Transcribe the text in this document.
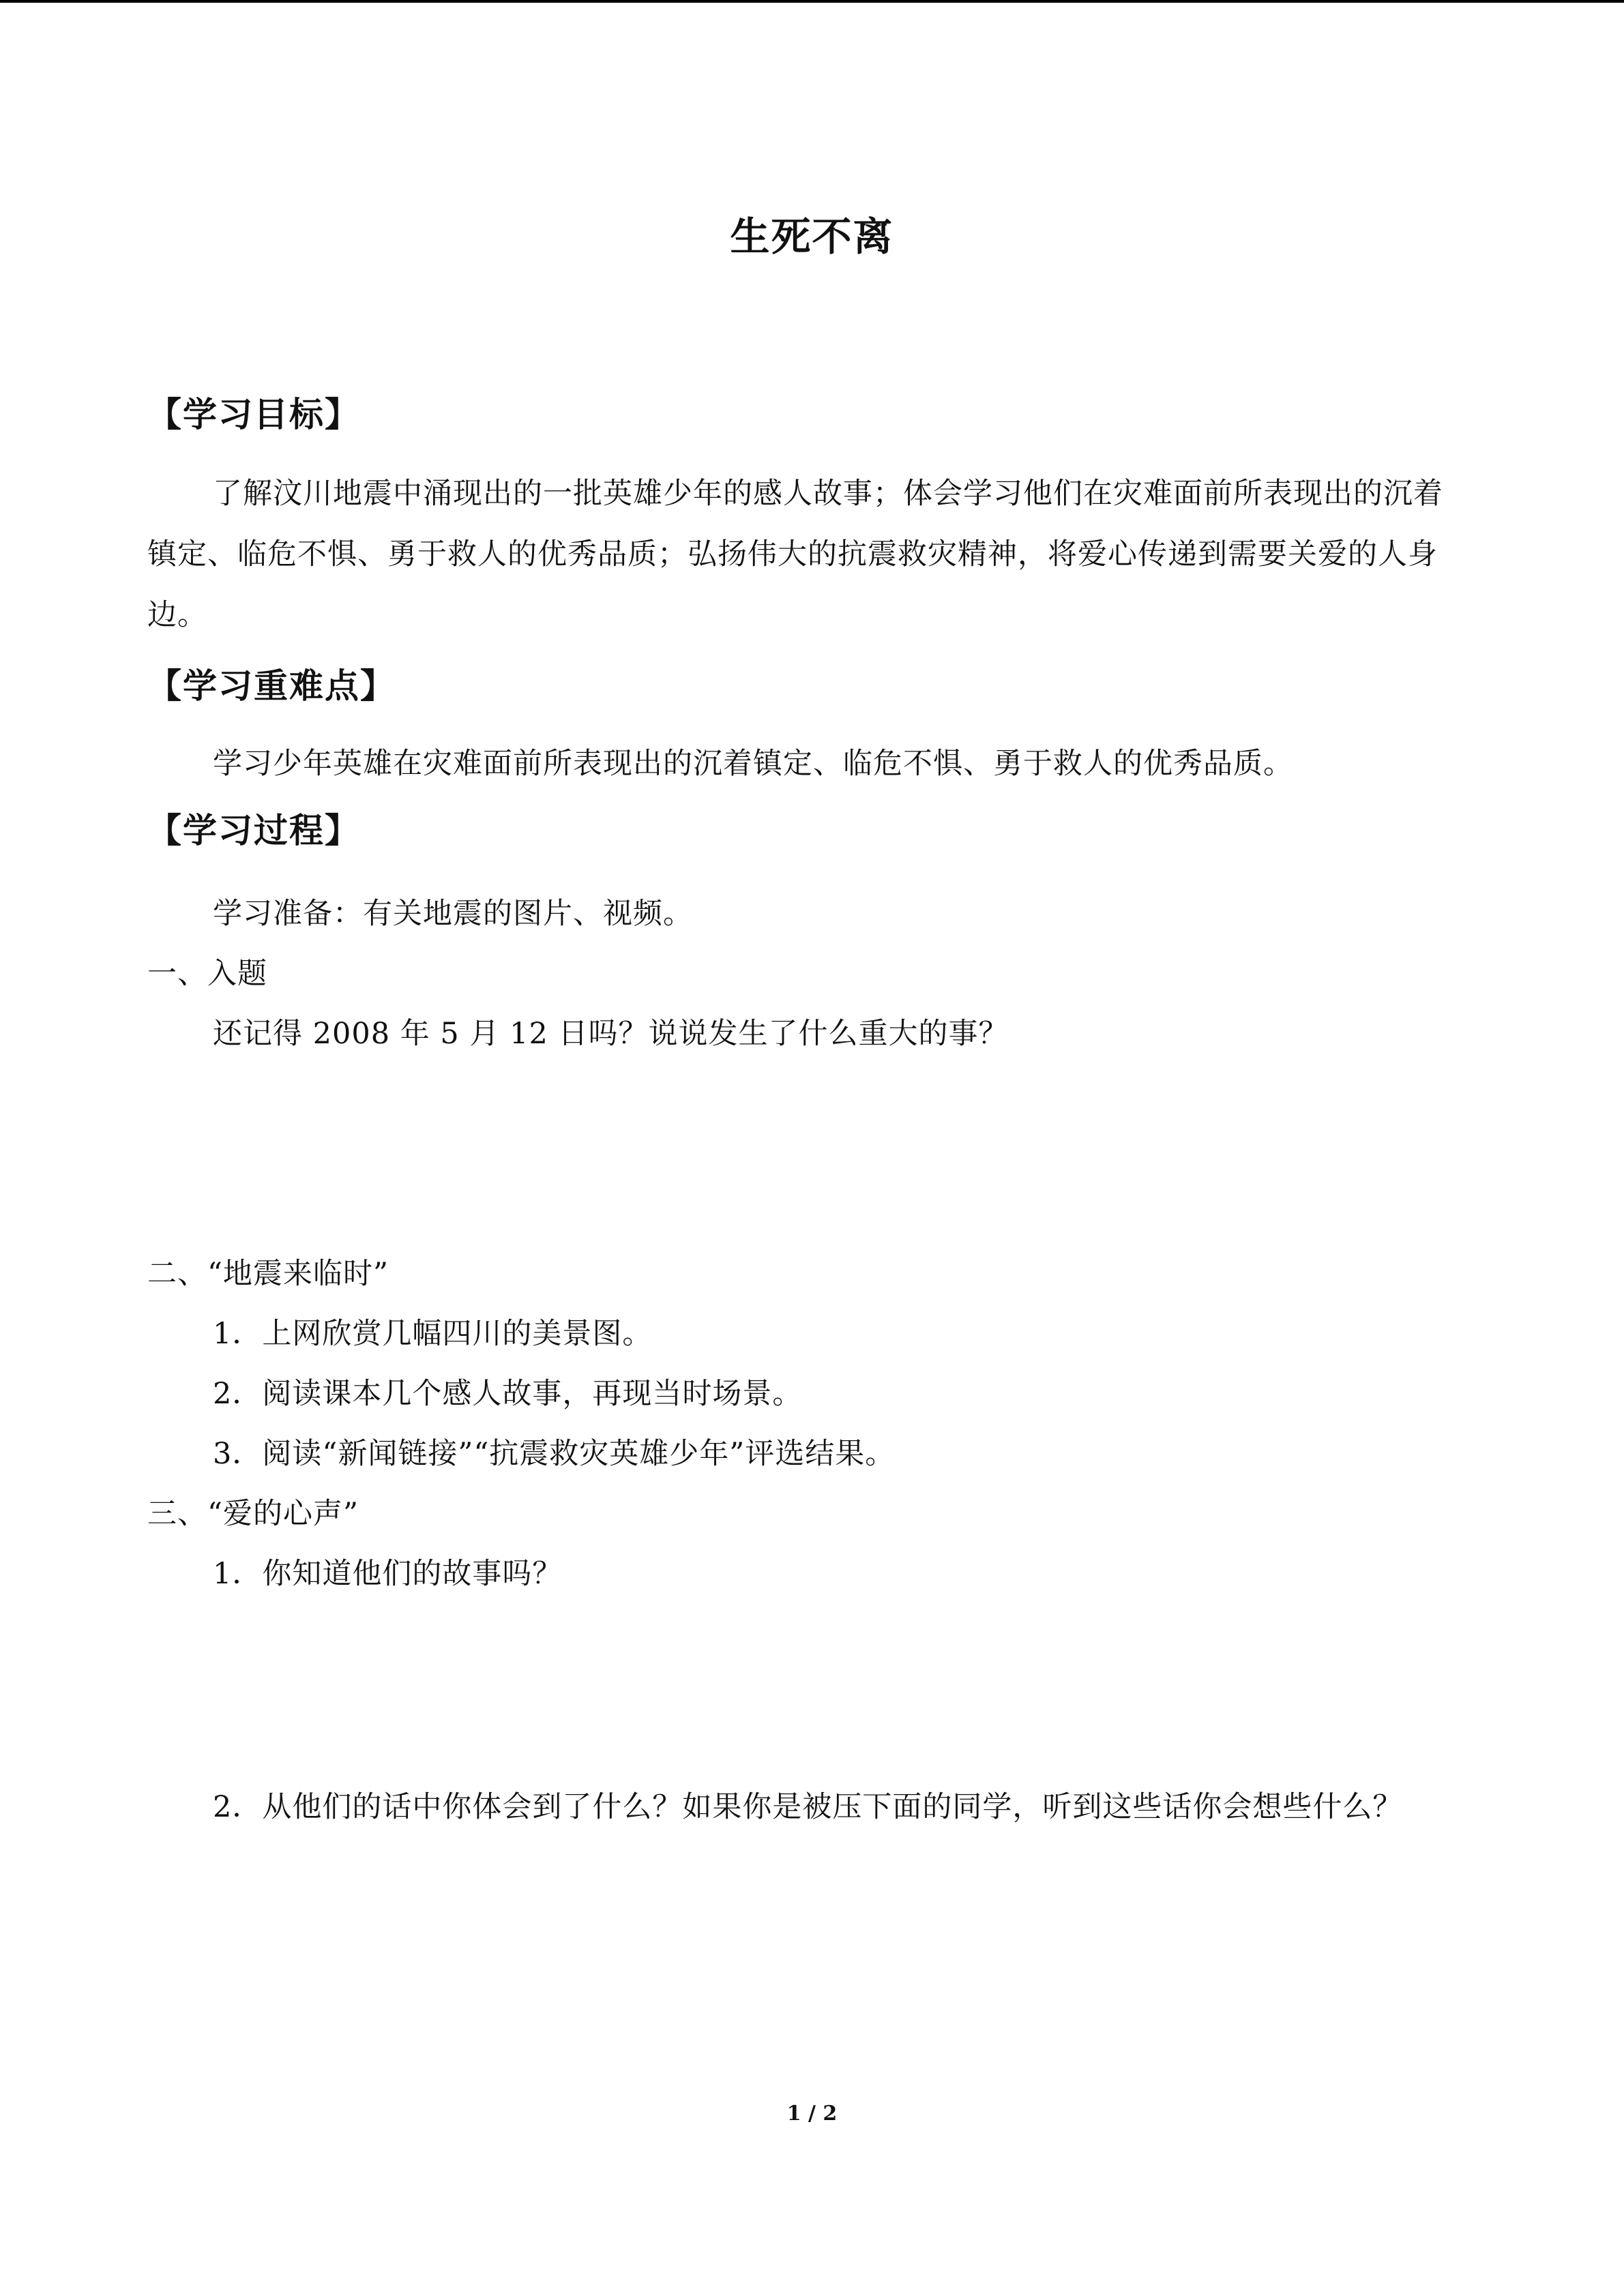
生死不离
【学习目标】
了解汶川地震中涌现出的一批英雄少年的感人故事；体会学习他们在灾难面前所表现出的沉着镇定、临危不惧、勇于救人的优秀品质；弘扬伟大的抗震救灾精神，将爱心传递到需要关爱的人身边。
【学习重难点】
学习少年英雄在灾难面前所表现出的沉着镇定、临危不惧、勇于救人的优秀品质。
【学习过程】
学习准备：有关地震的图片、视频。
一、入题
还记得 2008 年 5 月 12 日吗？说说发生了什么重大的事？
二、“地震来临时”
1．上网欣赏几幅四川的美景图。
2．阅读课本几个感人故事，再现当时场景。
3．阅读“新闻链接”“抗震救灾英雄少年”评选结果。
三、“爱的心声”
1．你知道他们的故事吗？
2．从他们的话中你体会到了什么？如果你是被压下面的同学，听到这些话你会想些什么？
1 / 2
